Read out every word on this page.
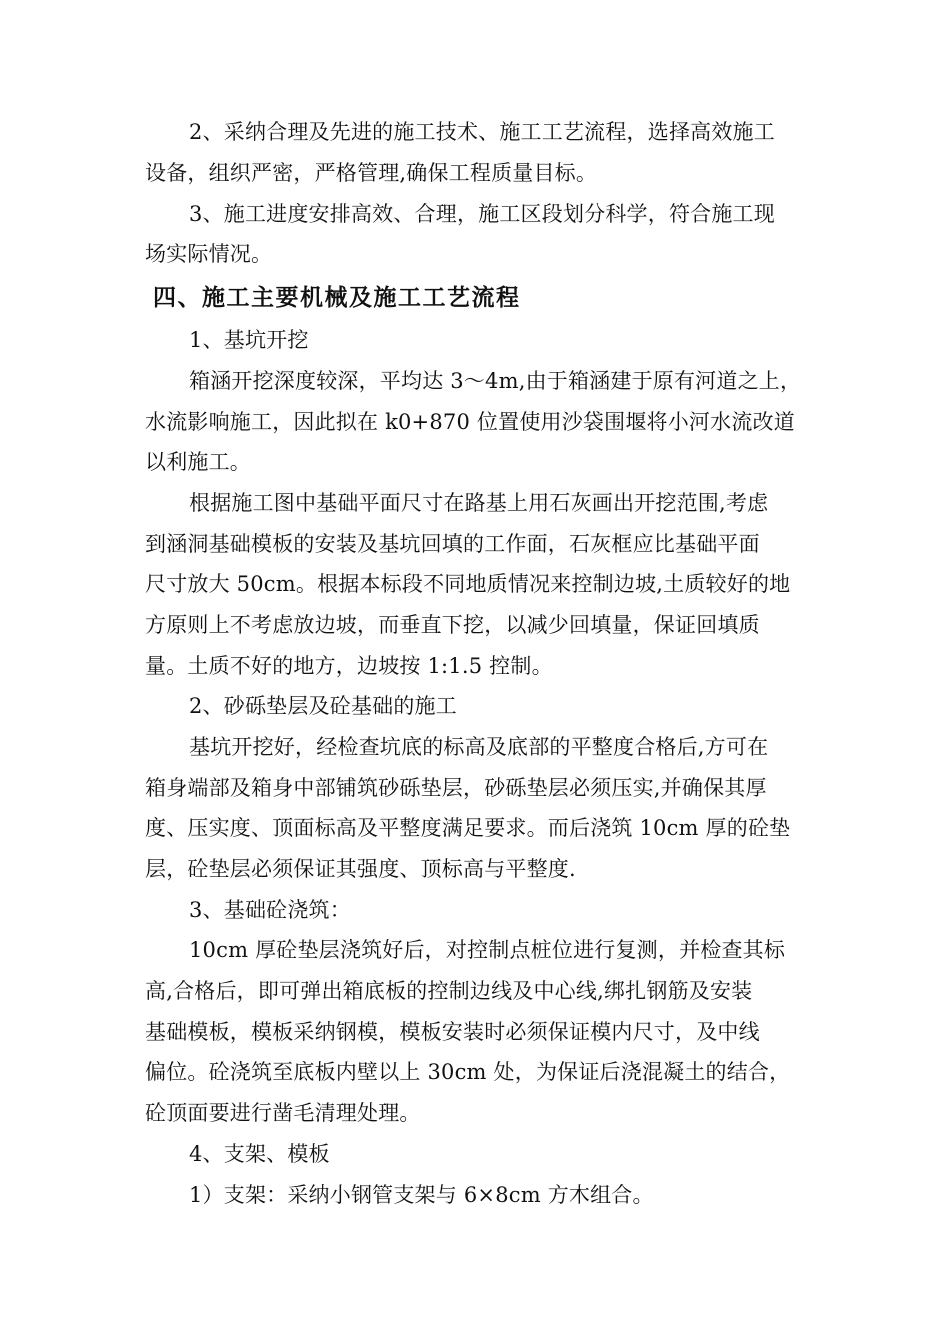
2、采纳合理及先进的施工技术、施工工艺流程，选择高效施工
设备，组织严密，严格管理,确保工程质量目标。
3、施工进度安排高效、合理，施工区段划分科学，符合施工现
场实际情况。
四、施工主要机械及施工工艺流程
1、基坑开挖
箱涵开挖深度较深，平均达 3～4m,由于箱涵建于原有河道之上，
水流影响施工，因此拟在 k0+870 位置使用沙袋围堰将小河水流改道
以利施工。
根据施工图中基础平面尺寸在路基上用石灰画出开挖范围,考虑
到涵洞基础模板的安装及基坑回填的工作面，石灰框应比基础平面
尺寸放大 50cm。根据本标段不同地质情况来控制边坡,土质较好的地
方原则上不考虑放边坡，而垂直下挖，以减少回填量，保证回填质
量。土质不好的地方，边坡按 1:1.5 控制。
2、砂砾垫层及砼基础的施工
基坑开挖好，经检查坑底的标高及底部的平整度合格后,方可在
箱身端部及箱身中部铺筑砂砾垫层，砂砾垫层必须压实,并确保其厚
度、压实度、顶面标高及平整度满足要求。而后浇筑 10cm 厚的砼垫
层，砼垫层必须保证其强度、顶标高与平整度.
3、基础砼浇筑：
10cm 厚砼垫层浇筑好后，对控制点桩位进行复测，并检查其标
高,合格后，即可弹出箱底板的控制边线及中心线,绑扎钢筋及安装
基础模板，模板采纳钢模，模板安装时必须保证模内尺寸，及中线
偏位。砼浇筑至底板内壁以上 30cm 处，为保证后浇混凝土的结合，
砼顶面要进行凿毛清理处理。
4、支架、模板
1）支架：采纳小钢管支架与 6×8cm 方木组合。
